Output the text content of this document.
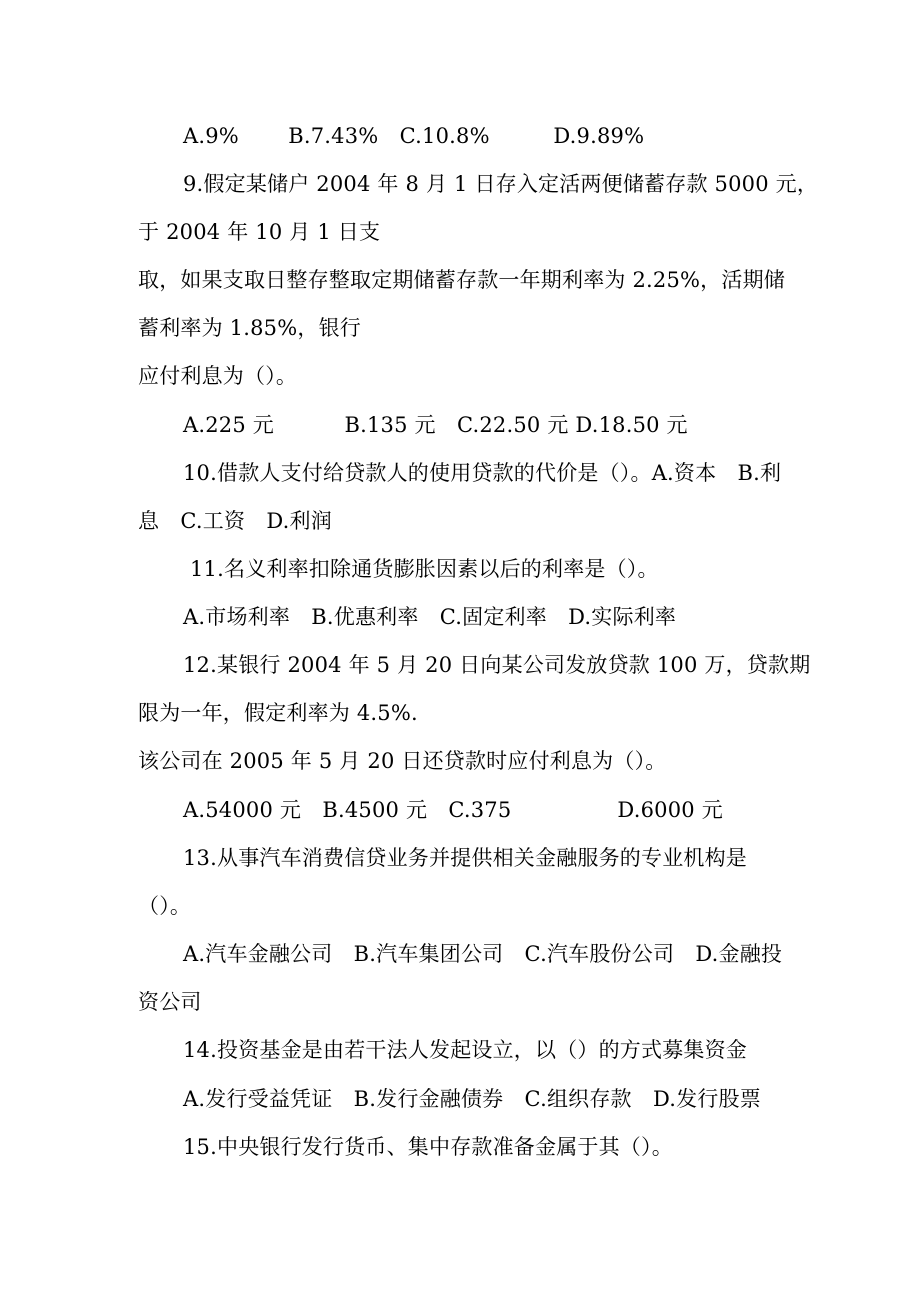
A.9%　　 B.7.43%　C.10.8%　　　D.9.89%
9.假定某储户 2004 年 8 月 1 日存入定活两便储蓄存款 5000 元，
于 2004 年 10 月 1 日支
取，如果支取日整存整取定期储蓄存款一年期利率为 2.25%，活期储
蓄利率为 1.85%，银行
应付利息为（）。
A.225 元　　　 B.135 元　C.22.50 元 D.18.50 元
10.借款人支付给贷款人的使用贷款的代价是（）。A.资本　B.利
息　C.工资　D.利润
11.名义利率扣除通货膨胀因素以后的利率是（）。
A.市场利率　B.优惠利率　C.固定利率　D.实际利率
12.某银行 2004 年 5 月 20 日向某公司发放贷款 100 万，贷款期
限为一年，假定利率为 4.5%.
该公司在 2005 年 5 月 20 日还贷款时应付利息为（）。
A.54000 元　B.4500 元　C.375　　　　　D.6000 元
13.从事汽车消费信贷业务并提供相关金融服务的专业机构是
（）。
A.汽车金融公司　B.汽车集团公司　C.汽车股份公司　D.金融投
资公司
14.投资基金是由若干法人发起设立，以（）的方式募集资金
A.发行受益凭证　B.发行金融债券　C.组织存款　D.发行股票
15.中央银行发行货币、集中存款准备金属于其（）。
